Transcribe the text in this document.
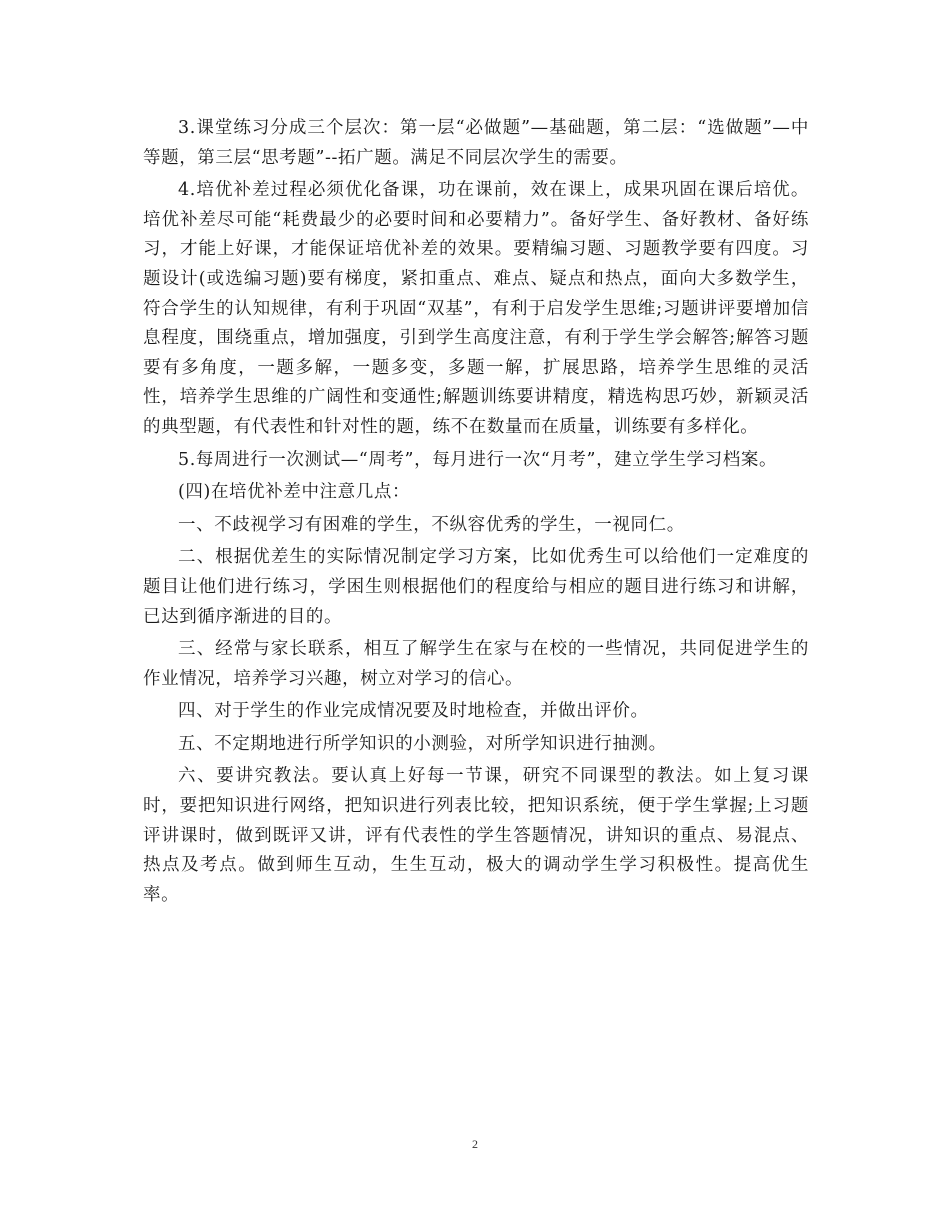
3.课堂练习分成三个层次：第一层“必做题”—基础题，第二层：“选做题”—中等题，第三层“思考题”--拓广题。满足不同层次学生的需要。

4.培优补差过程必须优化备课，功在课前，效在课上，成果巩固在课后培优。培优补差尽可能“耗费最少的必要时间和必要精力”。备好学生、备好教材、备好练习，才能上好课，才能保证培优补差的效果。要精编习题、习题教学要有四度。习题设计(或选编习题)要有梯度，紧扣重点、难点、疑点和热点，面向大多数学生，符合学生的认知规律，有利于巩固“双基”，有利于启发学生思维;习题讲评要增加信息程度，围绕重点，增加强度，引到学生高度注意，有利于学生学会解答;解答习题要有多角度，一题多解，一题多变，多题一解，扩展思路，培养学生思维的灵活性，培养学生思维的广阔性和变通性;解题训练要讲精度，精选构思巧妙，新颖灵活的典型题，有代表性和针对性的题，练不在数量而在质量，训练要有多样化。

5.每周进行一次测试—“周考”，每月进行一次“月考”，建立学生学习档案。

(四)在培优补差中注意几点：

一、不歧视学习有困难的学生，不纵容优秀的学生，一视同仁。

二、根据优差生的实际情况制定学习方案，比如优秀生可以给他们一定难度的题目让他们进行练习，学困生则根据他们的程度给与相应的题目进行练习和讲解，已达到循序渐进的目的。

三、经常与家长联系，相互了解学生在家与在校的一些情况，共同促进学生的作业情况，培养学习兴趣，树立对学习的信心。

四、对于学生的作业完成情况要及时地检查，并做出评价。

五、不定期地进行所学知识的小测验，对所学知识进行抽测。

六、要讲究教法。要认真上好每一节课，研究不同课型的教法。如上复习课时，要把知识进行网络，把知识进行列表比较，把知识系统，便于学生掌握;上习题评讲课时，做到既评又讲，评有代表性的学生答题情况，讲知识的重点、易混点、热点及考点。做到师生互动，生生互动，极大的调动学生学习积极性。提高优生率。

2
